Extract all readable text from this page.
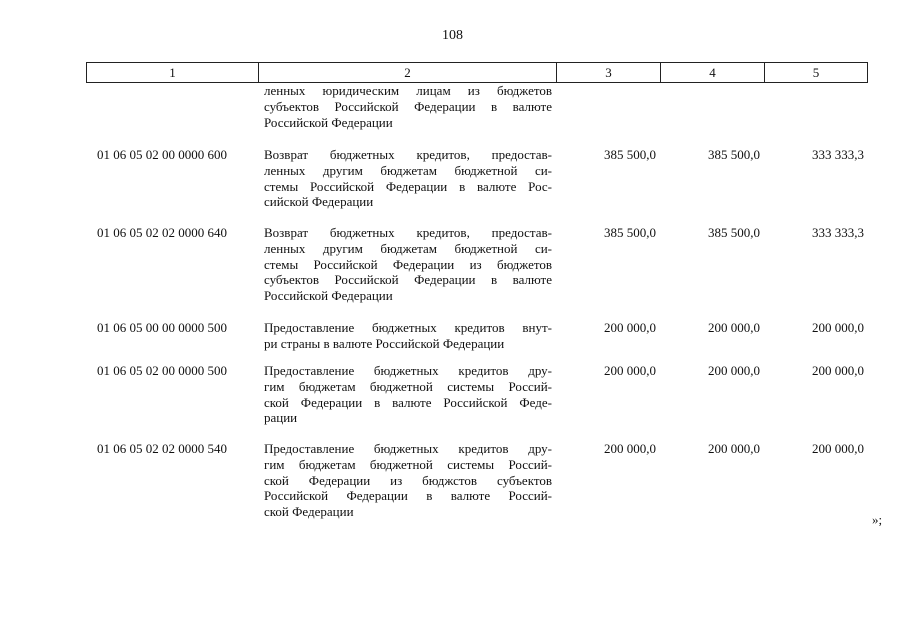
108
1	2	3	4	5
ленных юридическим лицам из бюджетов
субъектов Российской Федерации в валюте
Российской Федерации
01 06 05 02 00 0000 600	Возврат бюджетных кредитов, предостав-
ленных другим бюджетам бюджетной си-
стемы Российской Федерации в валюте Рос-
сийской Федерации
385 500,0	385 500,0	333 333,3
01 06 05 02 02 0000 640	Возврат бюджетных кредитов, предостав-
ленных другим бюджетам бюджетной си-
стемы Российской Федерации из бюджетов
субъектов Российской Федерации в валюте
Российской Федерации
385 500,0	385 500,0	333 333,3
01 06 05 00 00 0000 500	Предоставление бюджетных кредитов внут-
ри страны в валюте Российской Федерации
200 000,0	200 000,0	200 000,0
01 06 05 02 00 0000 500	Предоставление бюджетных кредитов дру-
гим бюджетам бюджетной системы Россий-
ской Федерации в валюте Российской Феде-
рации
200 000,0	200 000,0	200 000,0
01 06 05 02 02 0000 540	Предоставление бюджетных кредитов дру-
гим бюджетам бюджетной системы Россий-
ской Федерации из бюджстов субъектов
Российской Федерации в валюте Россий-
ской Федерации
200 000,0	200 000,0	200 000,0
»;
